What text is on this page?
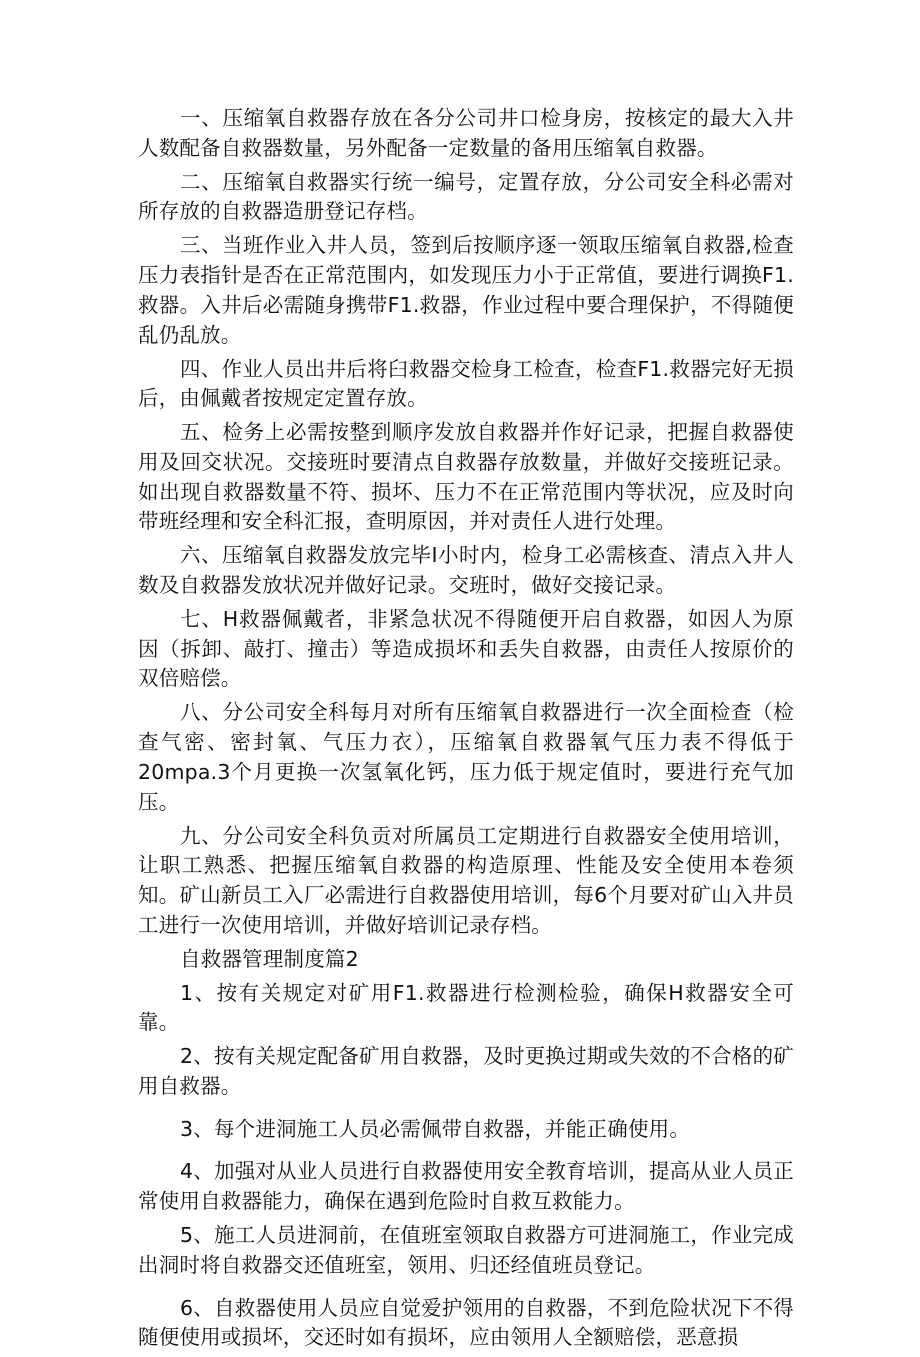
一、压缩氧自救器存放在各分公司井口检身房，按核定的最大入井人数配备自救器数量，另外配备一定数量的备用压缩氧自救器。

二、压缩氧自救器实行统一编号，定置存放，分公司安全科必需对所存放的自救器造册登记存档。

三、当班作业入井人员，签到后按顺序逐一领取压缩氧自救器,检查压力表指针是否在正常范围内，如发现压力小于正常值，要进行调换F1.救器。入井后必需随身携带F1.救器，作业过程中要合理保护，不得随便乱仍乱放。

四、作业人员出井后将臼救器交检身工检查，检查F1.救器完好无损后，由佩戴者按规定定置存放。

五、检务上必需按整到顺序发放自救器并作好记录，把握自救器使用及回交状况。交接班时要清点自救器存放数量，并做好交接班记录。如出现自救器数量不符、损坏、压力不在正常范围内等状况，应及时向带班经理和安全科汇报，查明原因，并对责任人进行处理。

六、压缩氧自救器发放完毕I小时内，检身工必需核查、清点入井人数及自救器发放状况并做好记录。交班时，做好交接记录。

七、H救器佩戴者，非紧急状况不得随便开启自救器，如因人为原因（拆卸、敲打、撞击）等造成损坏和丢失自救器，由责任人按原价的双倍赔偿。

八、分公司安全科每月对所有压缩氧自救器进行一次全面检查（检查气密、密封氧、气压力衣），压缩氧自救器氧气压力表不得低于20mpa.3个月更换一次氢氧化钙，压力低于规定值时，要进行充气加压。

九、分公司安全科负贡对所属员工定期进行自救器安全使用培训，让职工熟悉、把握压缩氧自救器的构造原理、性能及安全使用本卷须知。矿山新员工入厂必需进行自救器使用培训，每6个月要对矿山入井员工进行一次使用培训，并做好培训记录存档。

自救器管理制度篇2

1、按有关规定对矿用F1.救器进行检测检验，确保H救器安全可靠。

2、按有关规定配备矿用自救器，及时更换过期或失效的不合格的矿用自救器。

3、每个进洞施工人员必需佩带自救器，并能正确使用。

4、加强对从业人员进行自救器使用安全教育培训，提高从业人员正常使用自救器能力，确保在遇到危险时自救互救能力。

5、施工人员进洞前，在值班室领取自救器方可进洞施工，作业完成出洞时将自救器交还值班室，领用、归还经值班员登记。

6、自救器使用人员应自觉爱护领用的自救器，不到危险状况下不得随便使用或损坏，交还时如有损坏，应由领用人全额赔偿，恶意损
